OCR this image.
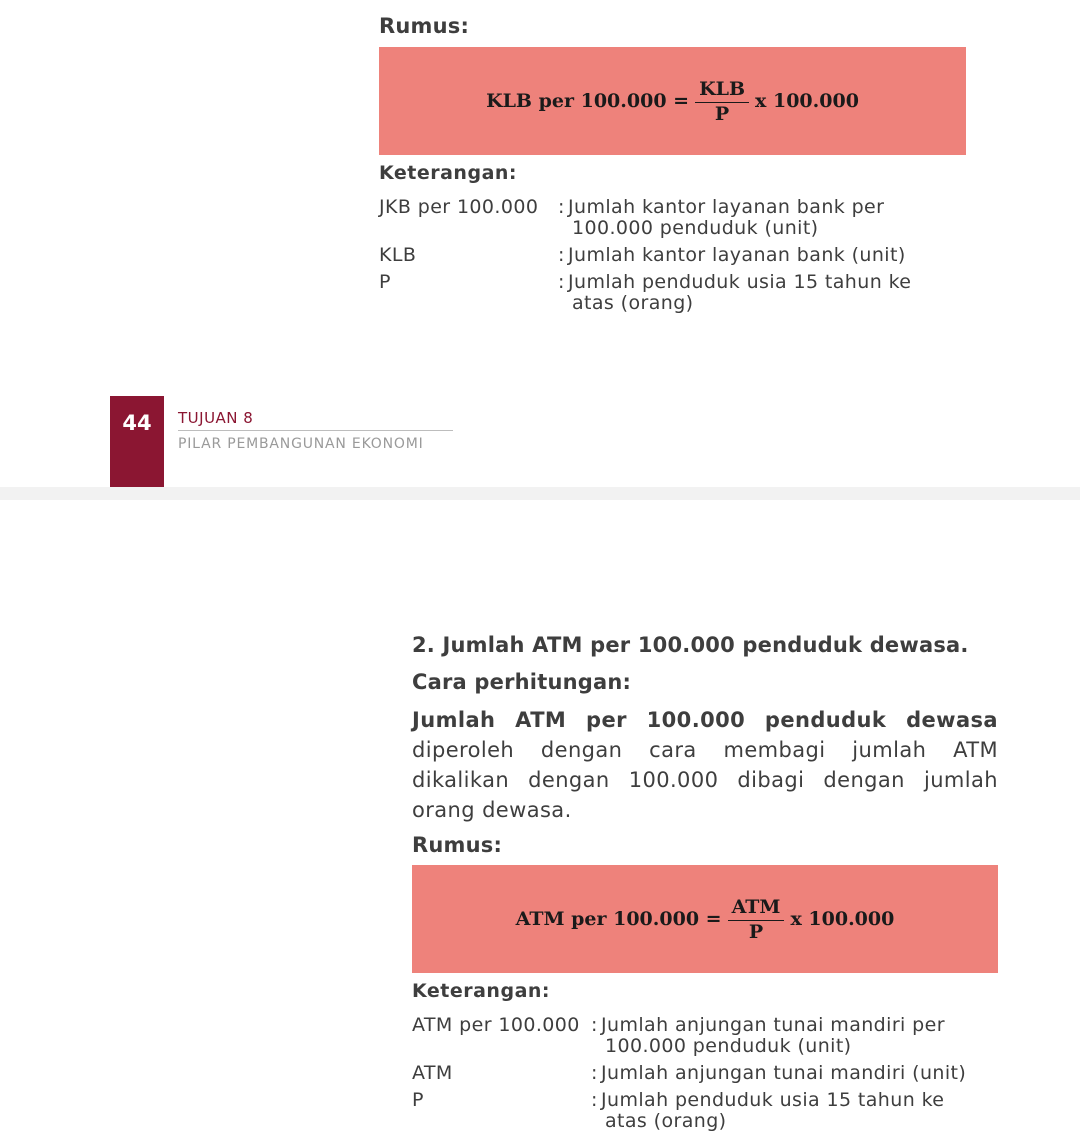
Rumus:
KLB per $100.000 = \frac{\text{KLB}}{P}$ x 100.000
Keterangan:
JKB per 100.000 : Jumlah kantor layanan bank per
100.000 penduduk (unit)
KLB	: Jumlah kantor layanan bank (unit)
P	: Jumlah penduduk usia 15 tahun ke
atas (orang)
44 TUJUAN 8
PILAR PEMBANGUNAN EKONOMI
2. Jumlah ATM per 100.000 penduduk dewasa.
Cara perhitungan:
Jumlah ATM per 100.000 penduduk dewasa diperoleh dengan cara membagi jumlah ATM dikalikan dengan 100.000 dibagi dengan jumlah orang dewasa.
Rumus:
ATM per $100.000 = \frac{\text{ATM}}{P}$ x 100.000
Keterangan:
ATM per 100.000 : Jumlah anjungan tunai mandiri per
100.000 penduduk (unit)
ATM	: Jumlah anjungan tunai mandiri (unit)
P	: Jumlah penduduk usia 15 tahun ke
atas (orang)
